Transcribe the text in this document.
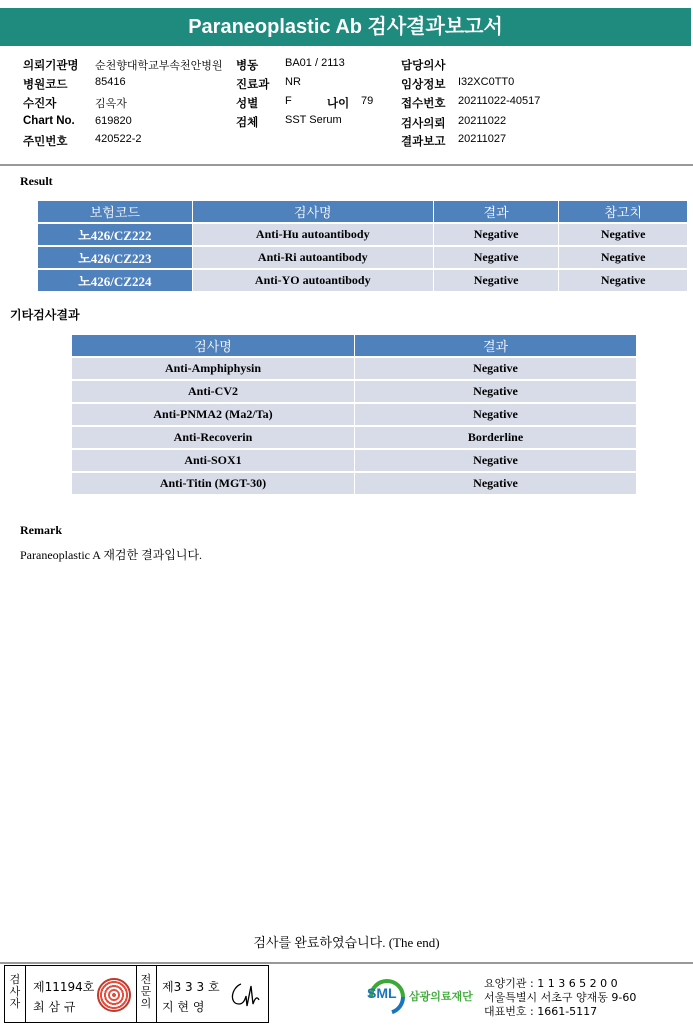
Paraneoplastic Ab 검사결과보고서
의뢰기관명 순천향대학교부속천안병원 병동 BA01 / 2113	담당의사
병원코드	85416	진료과 NR	임상정보 I32XC0TT0
수진자	김옥자	성별 F	나이 79 접수번호 20211022-40517
Chart No. 619820	검체 SST Serum	검사의뢰 20211022
주민번호	420522-2	결과보고 20211027
Result
보험코드	검사명	결과	참고치
노426/CZ222	Anti-Hu autoantibody	Negative	Negative
노426/CZ223	Anti-Ri autoantibody	Negative	Negative
노426/CZ224	Anti-YO autoantibody	Negative	Negative
기타검사결과
검사명	결과
Anti-Amphiphysin	Negative
Anti-CV2	Negative
Anti-PNMA2 (Ma2/Ta)	Negative
Anti-Recoverin	Borderline
Anti-SOX1	Negative
Anti-Titin (MGT-30)	Negative
Remark
Paraneoplastic A 재검한 결과입니다.
검사를 완료하였습니다. (The end)
검
사
자
제11194호
최 삼 규
전
문
의
제3 3 3 호
지 현 영
SML 삼광의료재단
요양기관 : 1 1 3 6 5 2 0 0
서울특별시 서초구 양재동 9-60
대표번호 : 1661-5117
